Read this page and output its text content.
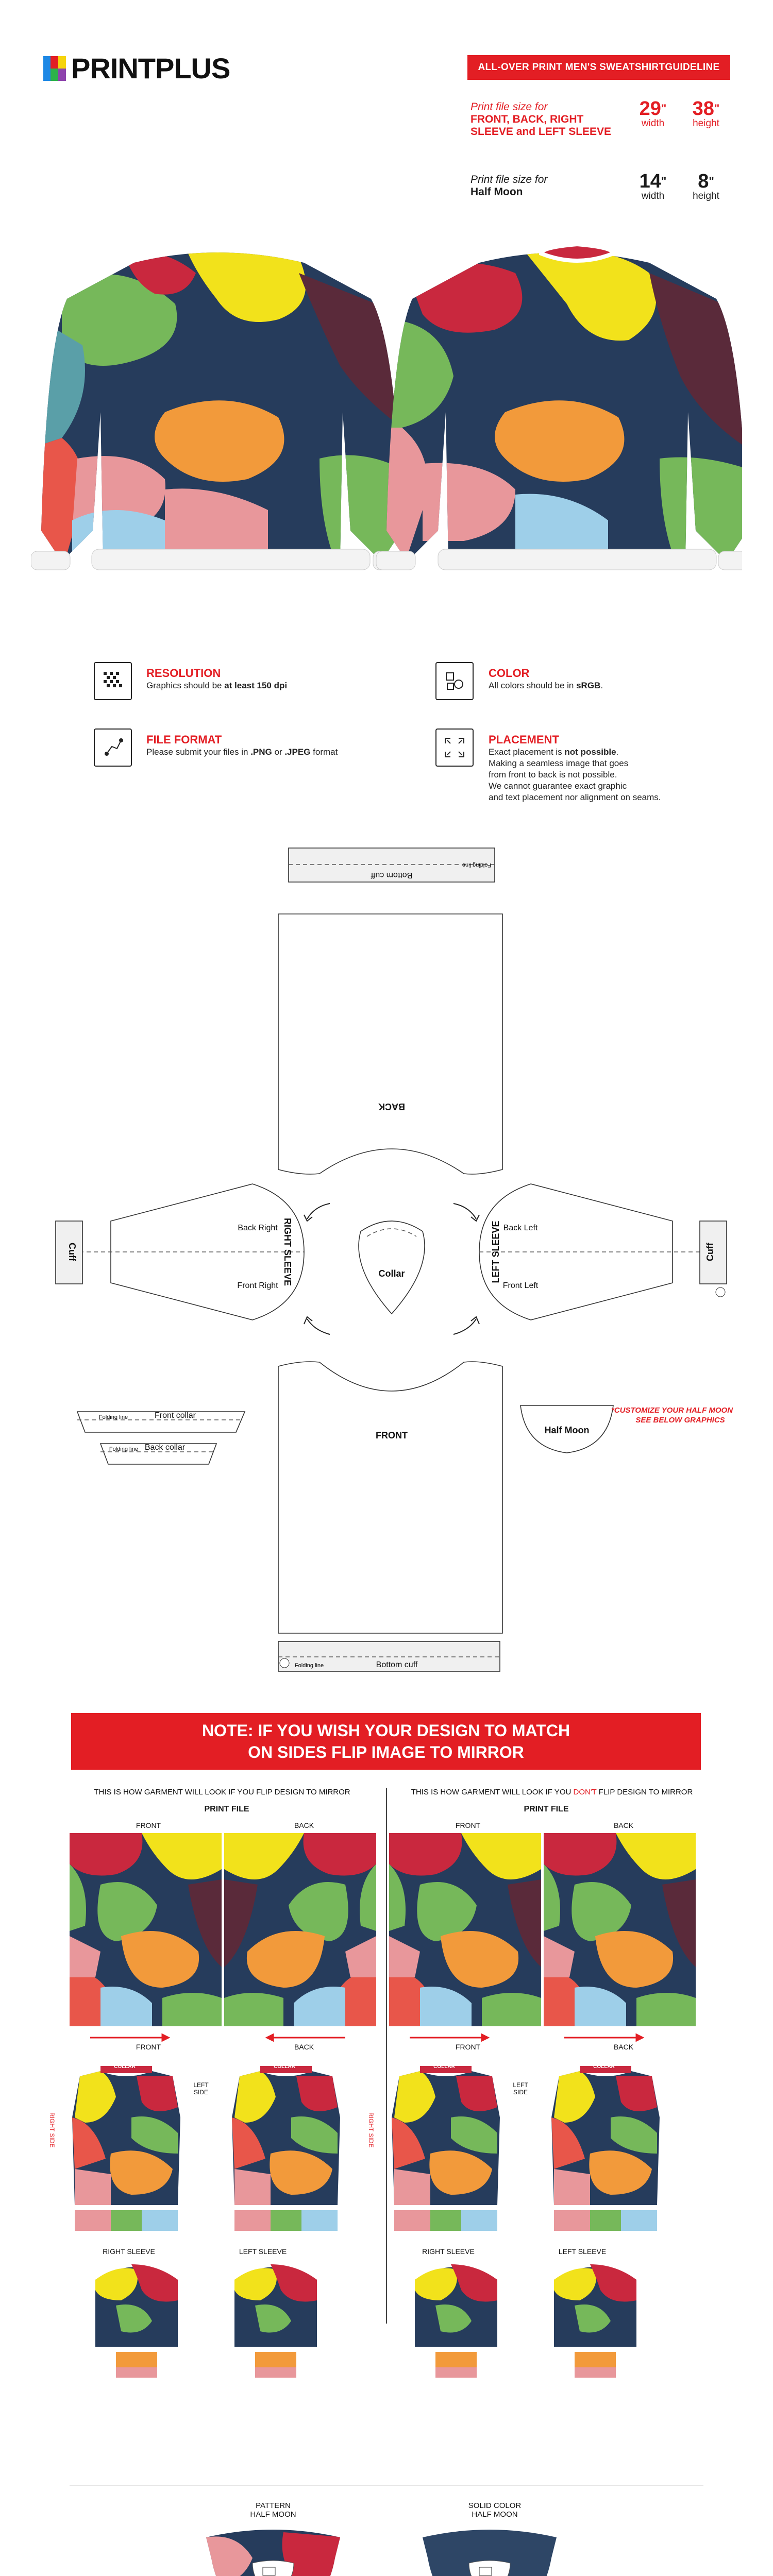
PRINTPLUS	ALL-OVER PRINT MEN'S SWEATSHIRTGUIDELINE
Print file size for
FRONT, BACK, RIGHT
SLEEVE and LEFT SLEEVE
29"
width
38"
height
Print file size for
Half Moon	14"
width
8"
height
RESOLUTION
Graphics should be at least 150 dpi
COLOR
All colors should be in sRGB.
FILE FORMAT
Please submit your files in .PNG or .JPEG format
PLACEMENT
Exact placement is not possible.
Making a seamless image that goes
from front to back is not possible.
We cannot guarantee exact graphic
and text placement nor alignment on seams.
Bottom cuff
Folding line
BACK
Cuff
Back Right
Front Right RIGHT SLEEVE	Collar
Cuff
Back Left
Front Left
LEFT SLEEVE
FRONT
Folding line	Front collar
Folding line Back collar
Half Moon
*CUSTOMIZE YOUR HALF MOON
SEE BELOW GRAPHICS
Folding line	Bottom cuff
NOTE: IF YOU WISH YOUR DESIGN TO MATCH
ON SIDES FLIP IMAGE TO MIRROR
THIS IS HOW GARMENT WILL LOOK IF YOU FLIP DESIGN TO MIRROR	THIS IS HOW GARMENT WILL LOOK IF YOU DON'T FLIP DESIGN TO MIRROR
PRINT FILE	PRINT FILE
FRONT	BACK	FRONT	BACK
FRONT	BACK	FRONT	BACK
COLLAR	COLLAR	COLLAR	COLLAR
RIGHT SIDE
LEFT SIDE
RIGHT SIDE
LEFT SIDE
RIGHT SLEEVE	LEFT SLEEVE	RIGHT SLEEVE	LEFT SLEEVE
PATTERN
HALF MOON
SOLID COLOR
HALF MOON
